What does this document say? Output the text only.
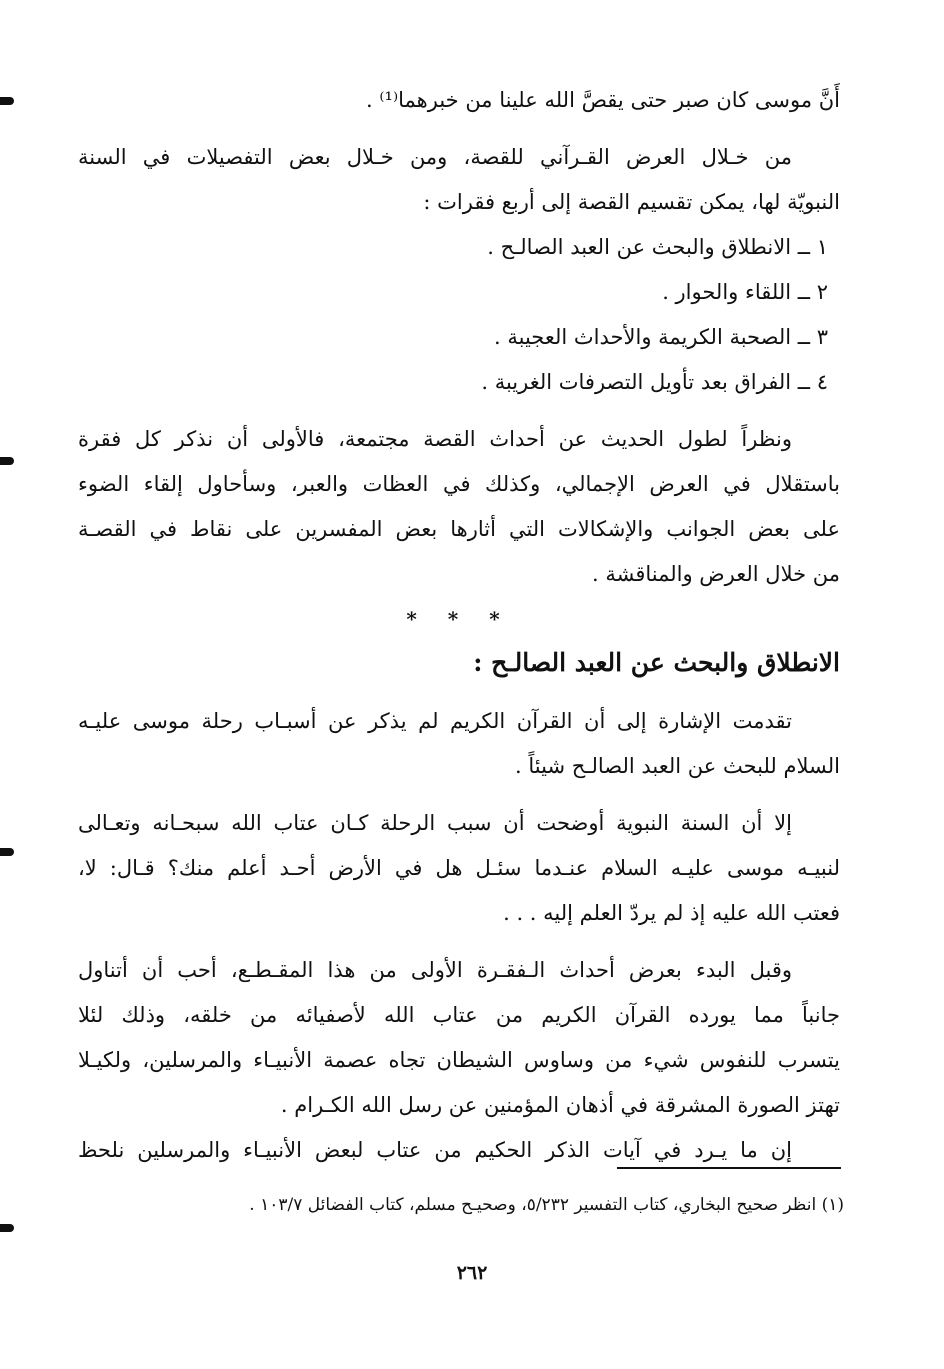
أَنَّ موسى كان صبر حتى يقصَّ الله علينا من خبرهما⁽¹⁾ .
من خـلال العرض القـرآني للقصة، ومن خـلال بعض التفصيلات في السنة
النبويّة لها، يمكن تقسيم القصة إلى أربع فقرات :
١ ــ الانطلاق والبحث عن العبد الصالـح .
٢ ــ اللقاء والحوار .
٣ ــ الصحبة الكريمة والأحداث العجيبة .
٤ ــ الفراق بعد تأويل التصرفات الغريبة .
ونظراً لطول الحديث عن أحداث القصة مجتمعة، فالأولى أن نذكر كل فقرة
باستقلال في العرض الإجمالي، وكذلك في العظات والعبر، وسأحاول إلقاء الضوء
على بعض الجوانب والإشكالات التي أثارها بعض المفسرين على نقاط في القصـة
من خلال العرض والمناقشة .
* * *
الانطلاق والبحث عن العبد الصالـح :
تقدمت الإشارة إلى أن القرآن الكريم لم يذكر عن أسبـاب رحلة موسى عليـه
السلام للبحث عن العبد الصالـح شيئاً .
إلا أن السنة النبوية أوضحت أن سبب الرحلة كـان عتاب الله سبحـانه وتعـالى
لنبيـه موسى عليـه السلام عنـدما سئـل هل في الأرض أحـد أعلم منك؟ قـال: لا،
فعتب الله عليه إذ لم يردّ العلم إليه . . .
وقبل البدء بعرض أحداث الـفقـرة الأولى من هذا المقـطـع، أحب أن أتناول
جانباً مما يورده القرآن الكريم من عتاب الله لأصفيائه من خلقه، وذلك لئلا
يتسرب للنفوس شيء من وساوس الشيطان تجاه عصمة الأنبيـاء والمرسلين، ولكيـلا
تهتز الصورة المشرقة في أذهان المؤمنين عن رسل الله الكـرام .
إن ما يـرد في آيات الذكر الحكيم من عتاب لبعض الأنبيـاء والمرسلين نلحظ
(١) انظر صحيح البخاري، كتاب التفسير ٥/٢٣٢، وصحيـح مسلم، كتاب الفضائل ١٠٣/٧ .
٢٦٢
